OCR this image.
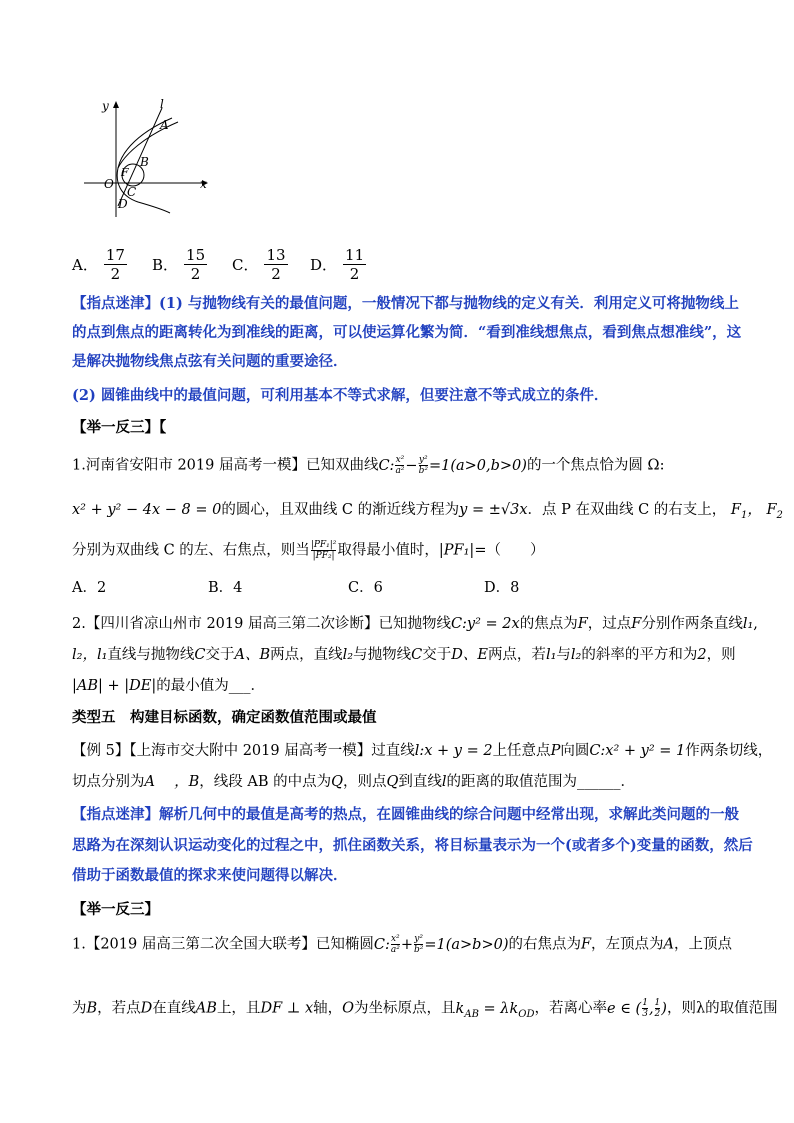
y	l
A
B
F
O
C
D
x
A． $\frac{17}{2}$ B． $\frac{15}{2}$ C． $\frac{13}{2}$ D． $\frac{11}{2}$
【指点迷津】(1) 与抛物线有关的最值问题，一般情况下都与抛物线的定义有关．利用定义可将抛物线上
的点到焦点的距离转化为到准线的距离，可以使运算化繁为简．“看到准线想焦点，看到焦点想准线”，这
是解决抛物线焦点弦有关问题的重要途径．
(2) 圆锥曲线中的最值问题，可利用基本不等式求解，但要注意不等式成立的条件．
【举一反三】【
1.河南省安阳市 2019 届高考一模】已知双曲线C: $\frac{\text{x²}}{\text{a²}} - \frac{\text{y²}}{\text{b²}} =1(a>0,b>0)$的一个焦点恰为圆 Ω:
x² + y² − 4x − 8 = 0的圆心，且双曲线 C 的渐近线方程为y = ±√3x．点 P 在双曲线 C 的右支上， $F_1$， $F_2$
分别为双曲线 C 的左、右焦点，则当 $\frac{\text{|PF₁|²}}{\text{|PF₂|}}$ 取得最小值时，|PF₁|=（　　）
A．2	B．4	C．6	D．8
2.【四川省凉山州市 2019 届高三第二次诊断】已知抛物线C:y² = 2x的焦点为F，过点F分别作两条直线l₁,
l₂，l₁直线与抛物线C交于A、B两点，直线l₂与抛物线C交于D、E两点，若l₁与l₂的斜率的平方和为2，则
|AB| + |DE|的最小值为___．
类型五　构建目标函数，确定函数值范围或最值
【例 5】【上海市交大附中 2019 届高考一模】过直线l:x + y = 2上任意点P向圆C:x² + y² = 1作两条切线，
切点分别为A　 ，B，线段 AB 的中点为Q，则点Q到直线l的距离的取值范围为______．
【指点迷津】解析几何中的最值是高考的热点，在圆锥曲线的综合问题中经常出现，求解此类问题的一般
思路为在深刻认识运动变化的过程之中，抓住函数关系，将目标量表示为一个(或者多个)变量的函数，然后
借助于函数最值的探求来使问题得以解决．
【举一反三】
1.【2019 届高三第二次全国大联考】已知椭圆C: $\frac{\text{x²}}{\text{a²}} + \frac{\text{y²}}{\text{b²}} =1(a>b>0)$的右焦点为F，左顶点为A，上顶点
为B，若点D在直线AB上，且DF ⊥ x轴，O为坐标原点，且$k_{AB} = \lambda k_{OD}$，若离心率e ∈ ( $\frac{1}{3}$ , $\frac{1}{2}$ )，则λ的取值范围
